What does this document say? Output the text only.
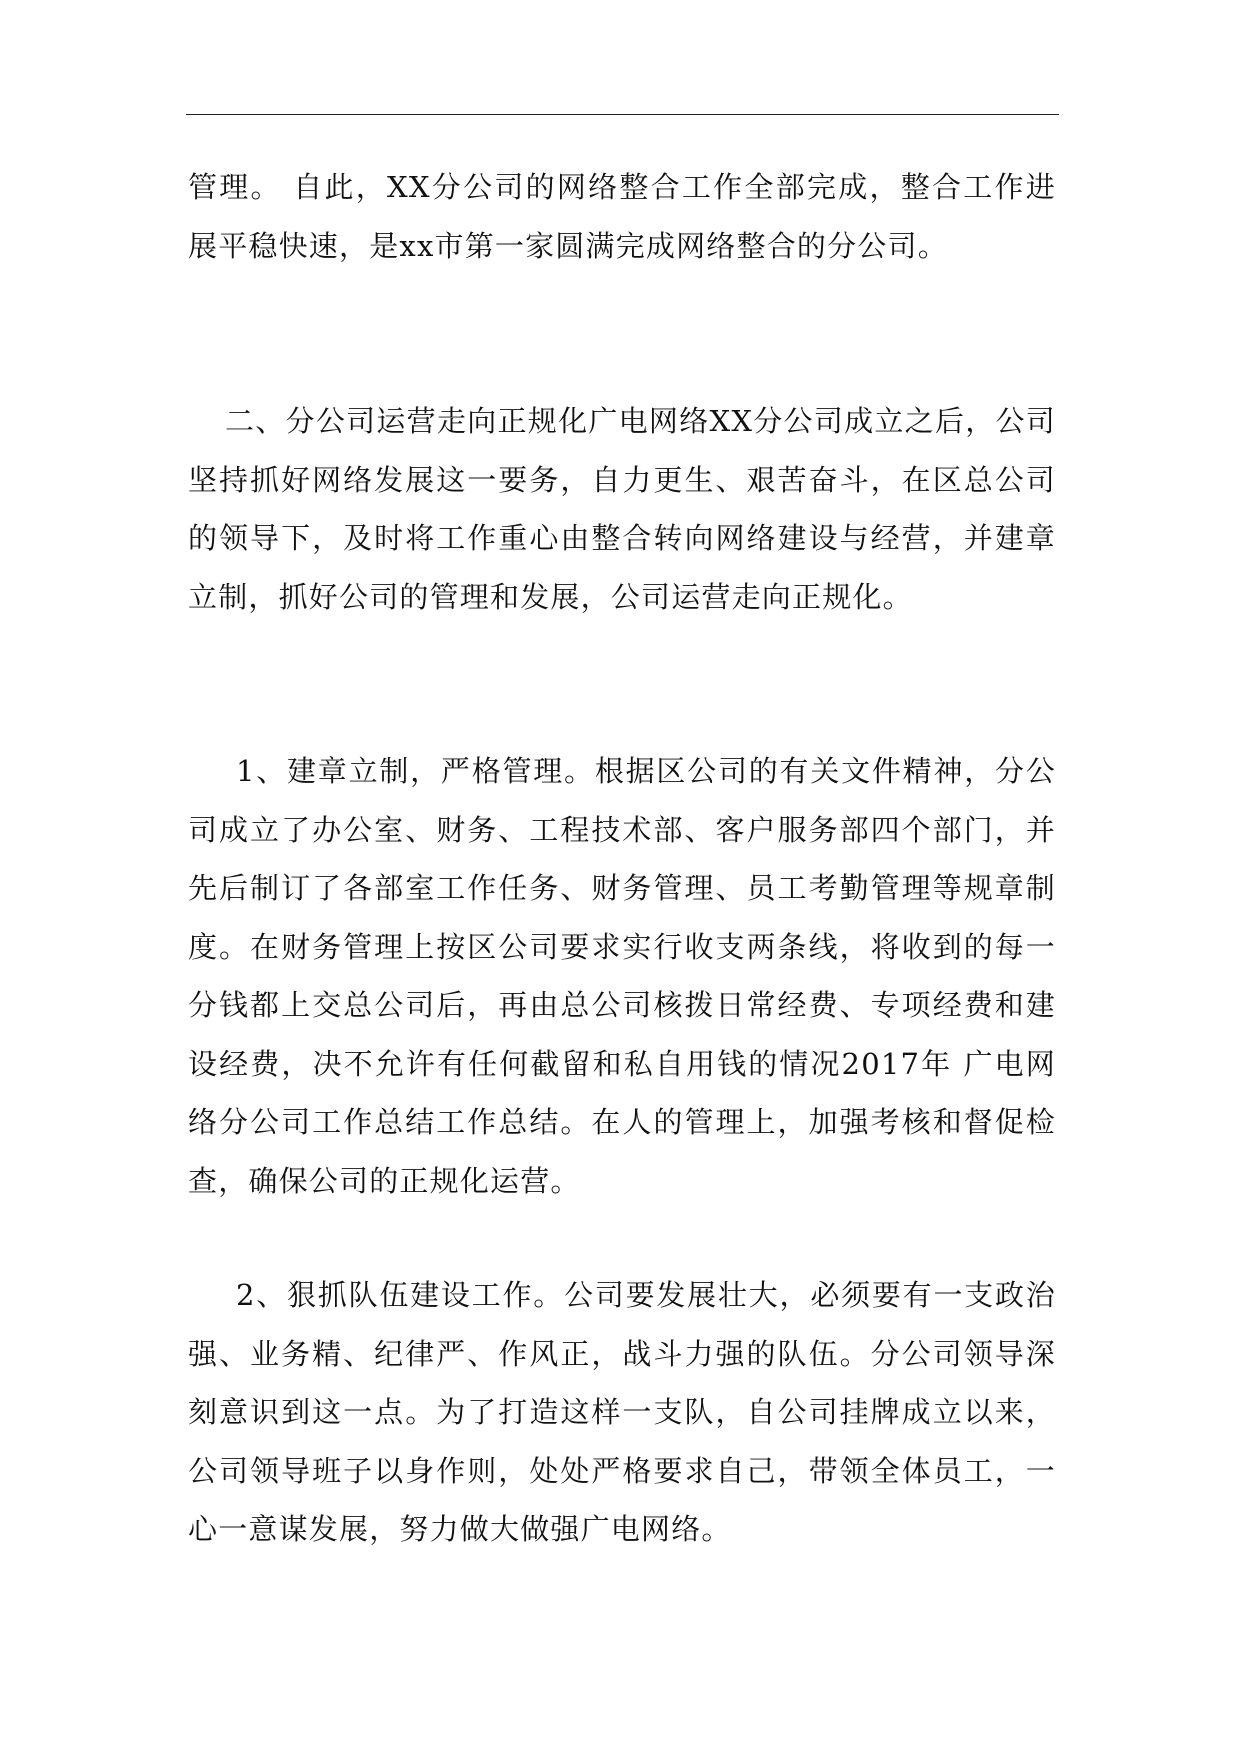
管理。 自此，XX分公司的网络整合工作全部完成，整合工作进展平稳快速，是xx市第一家圆满完成网络整合的分公司。

二、分公司运营走向正规化广电网络XX分公司成立之后，公司坚持抓好网络发展这一要务，自力更生、艰苦奋斗，在区总公司的领导下，及时将工作重心由整合转向网络建设与经营，并建章立制，抓好公司的管理和发展，公司运营走向正规化。

1、建章立制，严格管理。根据区公司的有关文件精神，分公司成立了办公室、财务、工程技术部、客户服务部四个部门，并先后制订了各部室工作任务、财务管理、员工考勤管理等规章制度。在财务管理上按区公司要求实行收支两条线，将收到的每一分钱都上交总公司后，再由总公司核拨日常经费、专项经费和建设经费，决不允许有任何截留和私自用钱的情况2017年 广电网络分公司工作总结工作总结。在人的管理上，加强考核和督促检查，确保公司的正规化运营。

2、狠抓队伍建设工作。公司要发展壮大，必须要有一支政治强、业务精、纪律严、作风正，战斗力强的队伍。分公司领导深刻意识到这一点。为了打造这样一支队，自公司挂牌成立以来，公司领导班子以身作则，处处严格要求自己，带领全体员工，一心一意谋发展，努力做大做强广电网络。
